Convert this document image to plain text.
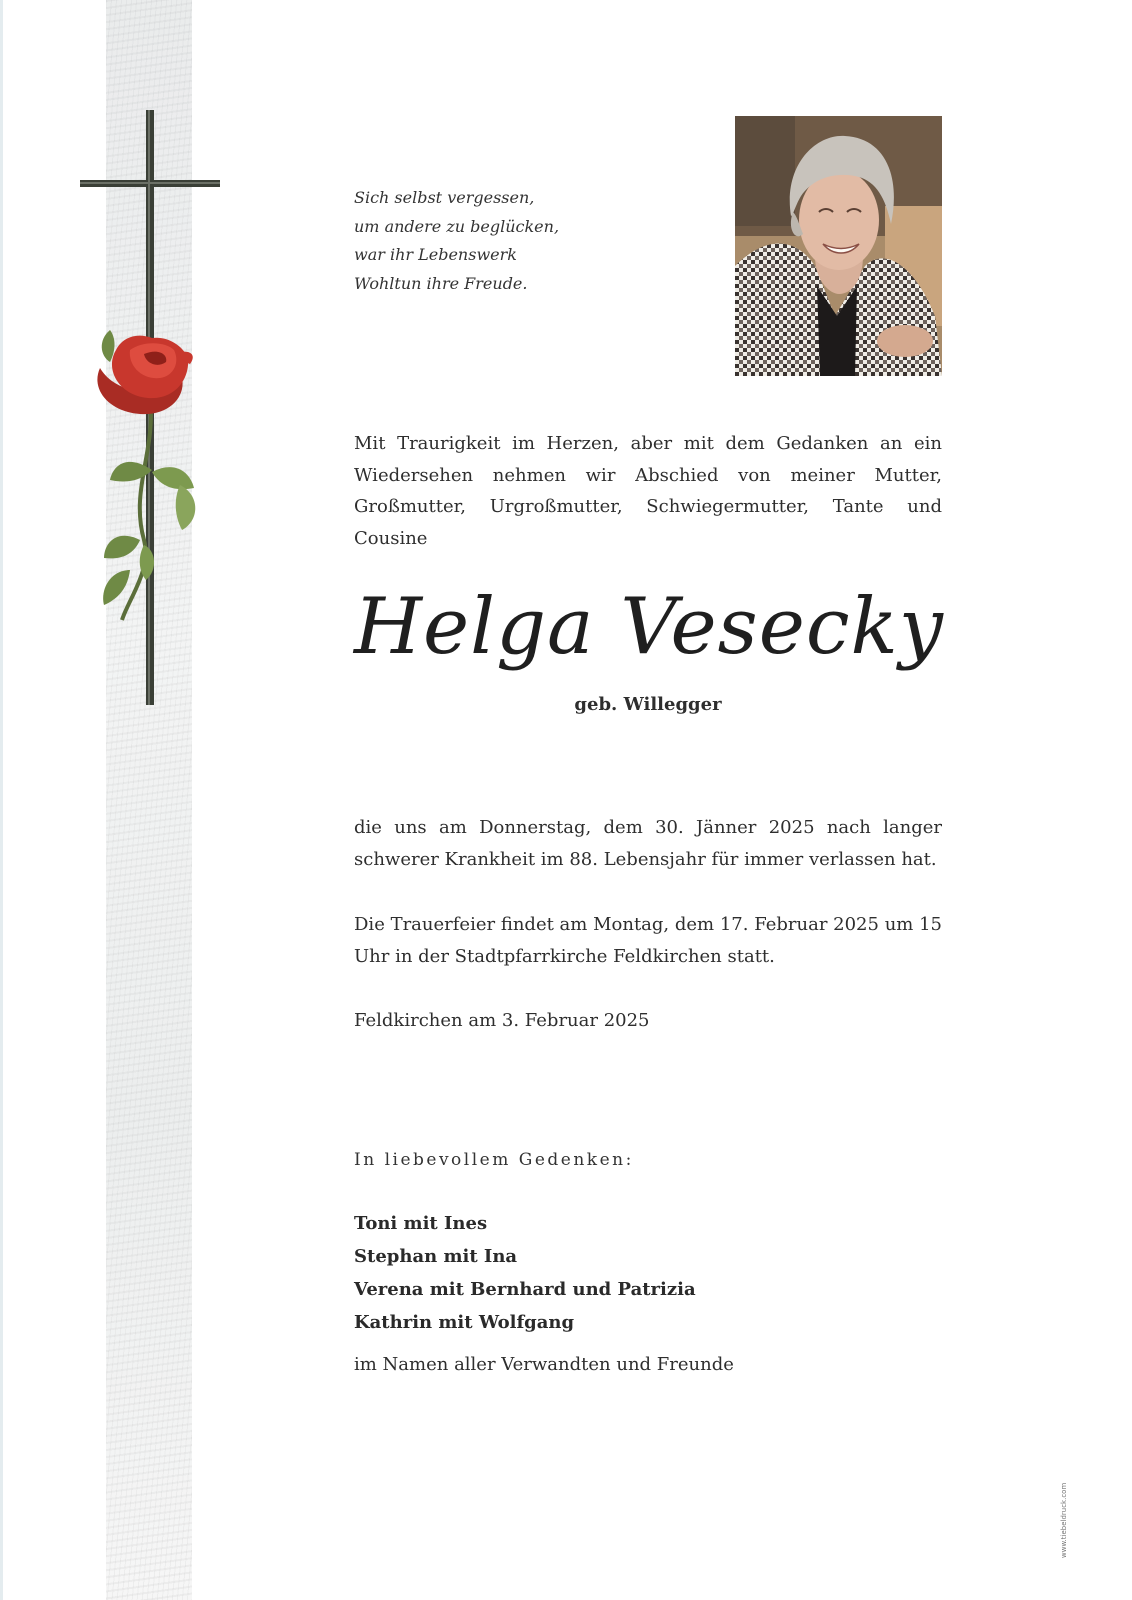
Sich selbst vergessen,
um andere zu beglücken,
war ihr Lebenswerk
Wohltun ihre Freude.
Mit Traurigkeit im Herzen, aber mit dem Gedanken an ein Wiedersehen nehmen wir Abschied von meiner Mutter, Großmutter, Urgroßmutter, Schwiegermutter, Tante und Cousine
Helga Vesecky
geb. Willegger
die uns am Donnerstag, dem 30. Jänner 2025 nach langer schwerer Krankheit im 88. Lebensjahr für immer verlassen hat.
Die Trauerfeier findet am Montag, dem 17. Februar 2025 um 15 Uhr in der Stadtpfarrkirche Feldkirchen statt.
Feldkirchen am 3. Februar 2025
In liebevollem Gedenken:
Toni mit Ines
Stephan mit Ina
Verena mit Bernhard und Patrizia
Kathrin mit Wolfgang
im Namen aller Verwandten und Freunde
www.tiebeldruck.com
